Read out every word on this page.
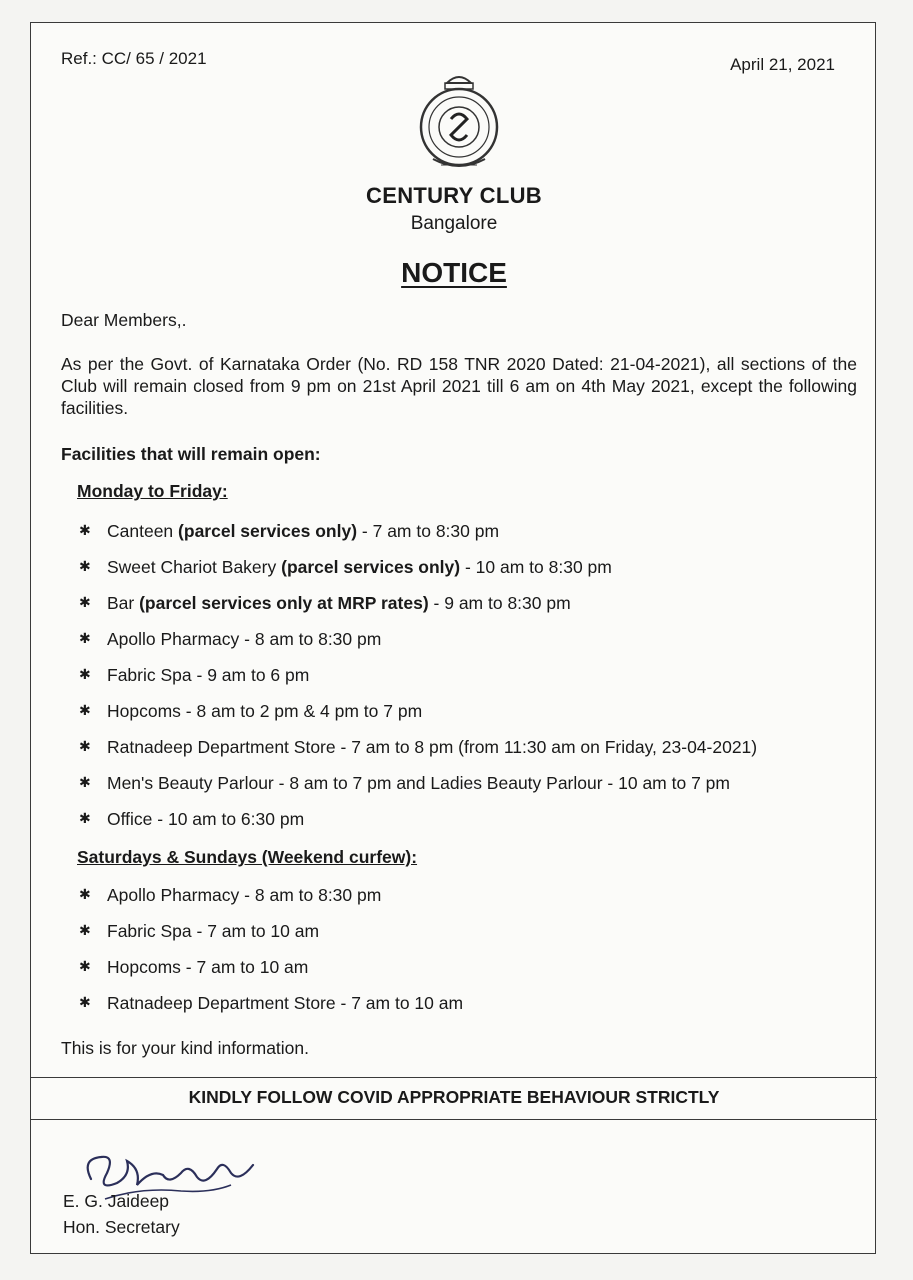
Ref.: CC/ 65 / 2021	April 21, 2021
CENTURY CLUB
Bangalore
NOTICE
Dear Members,.
As per the Govt. of Karnataka Order (No. RD 158 TNR 2020 Dated: 21-04-2021), all sections of the Club will remain closed from 9 pm on 21st April 2021 till 6 am on 4th May 2021, except the following facilities.
Facilities that will remain open:
Monday to Friday:
✱ Canteen (parcel services only) - 7 am to 8:30 pm
✱ Sweet Chariot Bakery (parcel services only) - 10 am to 8:30 pm
✱ Bar (parcel services only at MRP rates) - 9 am to 8:30 pm
✱ Apollo Pharmacy - 8 am to 8:30 pm
✱ Fabric Spa - 9 am to 6 pm
✱ Hopcoms - 8 am to 2 pm & 4 pm to 7 pm
✱ Ratnadeep Department Store - 7 am to 8 pm (from 11:30 am on Friday, 23-04-2021)
✱ Men's Beauty Parlour - 8 am to 7 pm and Ladies Beauty Parlour - 10 am to 7 pm
✱ Office - 10 am to 6:30 pm
Saturdays & Sundays (Weekend curfew):
✱ Apollo Pharmacy - 8 am to 8:30 pm
✱ Fabric Spa - 7 am to 10 am
✱ Hopcoms - 7 am to 10 am
✱ Ratnadeep Department Store - 7 am to 10 am
This is for your kind information.
KINDLY FOLLOW COVID APPROPRIATE BEHAVIOUR STRICTLY
E. G. Jaideep
Hon. Secretary
